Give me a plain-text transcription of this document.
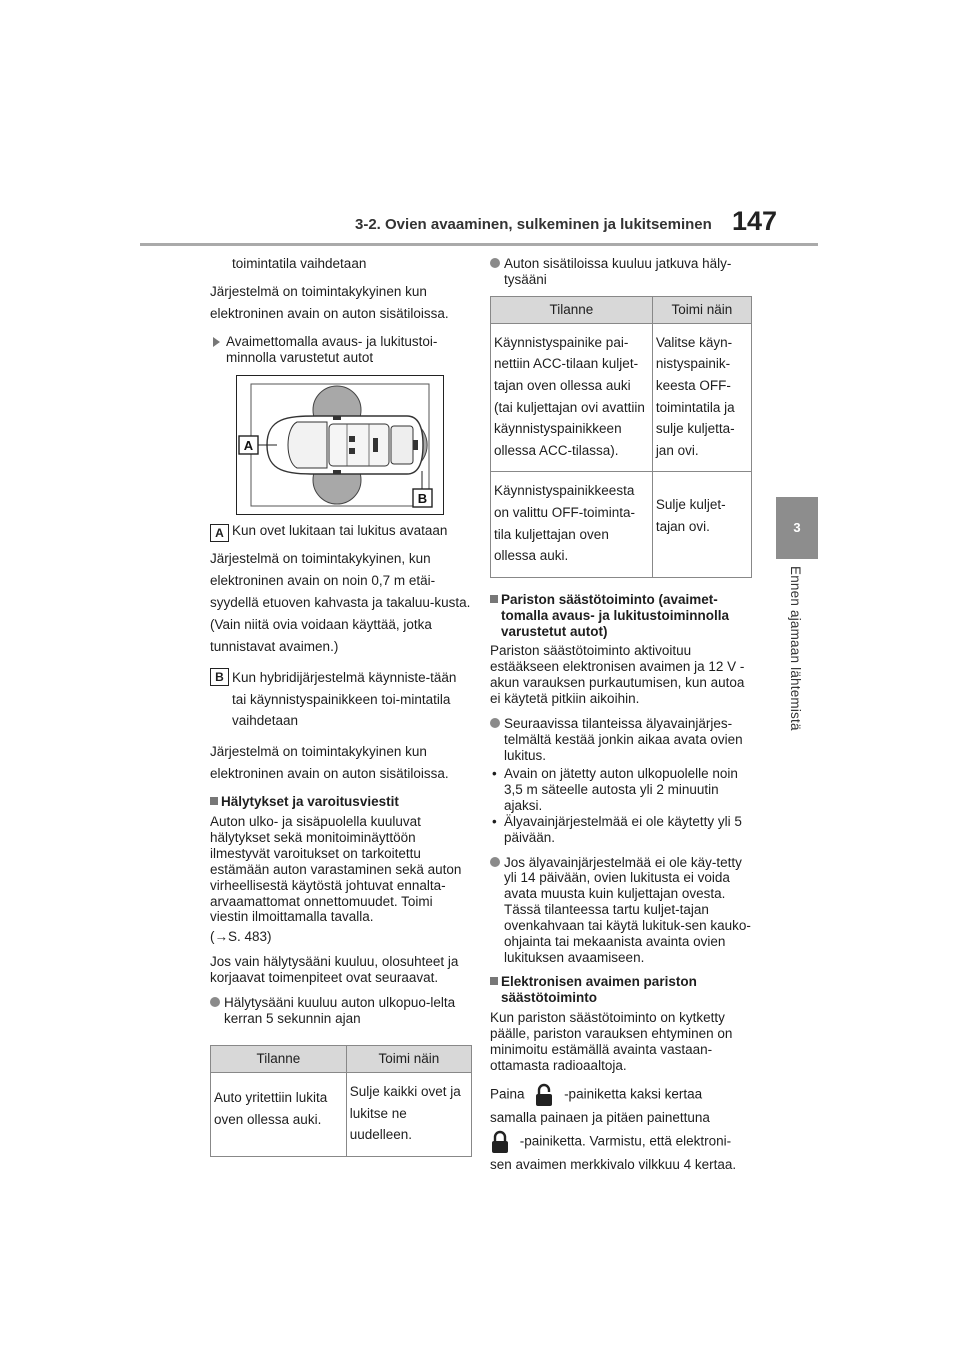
3-2. Ovien avaaminen, sulkeminen ja lukitseminen 147
3
Ennen ajamaan lähtemistä

toimintatila vaihdetaan

Järjestelmä on toimintakykyinen kun elektroninen avain on auton sisätiloissa.

Avaimettomalla avaus- ja lukitustoi-minnolla varustetut autot
A
B

A Kun ovet lukitaan tai lukitus avataan

Järjestelmä on toimintakykyinen, kun elektroninen avain on noin 0,7 m etäi-syydellä etuoven kahvasta ja takaluu-kusta. (Vain niitä ovia voidaan käyttää, jotka tunnistavat avaimen.)

B Kun hybridijärjestelmä käynniste-tään tai käynnistyspainikkeen toi-mintatila vaihdetaan

Järjestelmä on toimintakykyinen kun elektroninen avain on auton sisätiloissa.

Hälytykset ja varoitusviestit

Auton ulko- ja sisäpuolella kuuluvat hälytykset sekä monitoiminäyttöön ilmestyvät varoitukset on tarkoitettu estämään auton varastaminen sekä auton virheellisestä käytöstä johtuvat ennalta-arvaamattomat onnettomuudet. Toimi viestin ilmoittamalla tavalla.

(→S. 483)

Jos vain hälytysääni kuuluu, olosuhteet ja korjaavat toimenpiteet ovat seuraavat.

Hälytysääni kuuluu auton ulkopuo-lelta kerran 5 sekunnin ajan
Tilanne	Toimi näin
Auto yritettiin lukita oven ollessa auki.	Sulje kaikki ovet ja lukitse ne uudelleen.
Auton sisätiloissa kuuluu jatkuva häly-tysääni
Tilanne	Toimi näin
Käynnistyspainike pai-nettiin ACC-tilaan kuljet-tajan oven ollessa auki (tai kuljettajan ovi avattiin käynnistyspainikkeen ollessa ACC-tilassa).	Valitse käyn-nistyspainik-keesta OFF-toimintatila ja sulje kuljetta-jan ovi.
Käynnistyspainikkeesta on valittu OFF-toiminta-tila kuljettajan oven ollessa auki.	Sulje kuljet-tajan ovi.
Pariston säästötoiminto (avaimet-tomalla avaus- ja lukitustoiminnolla varustetut autot)

Pariston säästötoiminto aktivoituu estääkseen elektronisen avaimen ja 12 V -akun varauksen purkautumisen, kun autoa ei käytetä pitkiin aikoihin.

Seuraavissa tilanteissa älyavainjärjes-telmältä kestää jonkin aikaa avata ovien lukitus.
• Avain on jätetty auton ulkopuolelle noin 3,5 m säteelle autosta yli 2 minuutin ajaksi.
• Älyavainjärjestelmää ei ole käytetty yli 5 päivään.
Jos älyavainjärjestelmää ei ole käy-tetty yli 14 päivään, ovien lukitusta ei voida avata muusta kuin kuljettajan ovesta. Tässä tilanteessa tartu kuljet-tajan ovenkahvaan tai käytä lukituk-sen kauko-ohjainta tai mekaanista avainta ovien lukituksen avaamiseen.
Elektronisen avaimen pariston säästötoiminto

Kun pariston säästötoiminto on kytketty päälle, pariston varauksen ehtyminen on minimoitu estämällä avainta vastaan-ottamasta radioaaltoja.

Paina	-painiketta kaksi kertaa samalla painaen ja pitäen painettuna

-painiketta. Varmistu, että elektroni-sen avaimen merkkivalo vilkkuu 4 kertaa.
